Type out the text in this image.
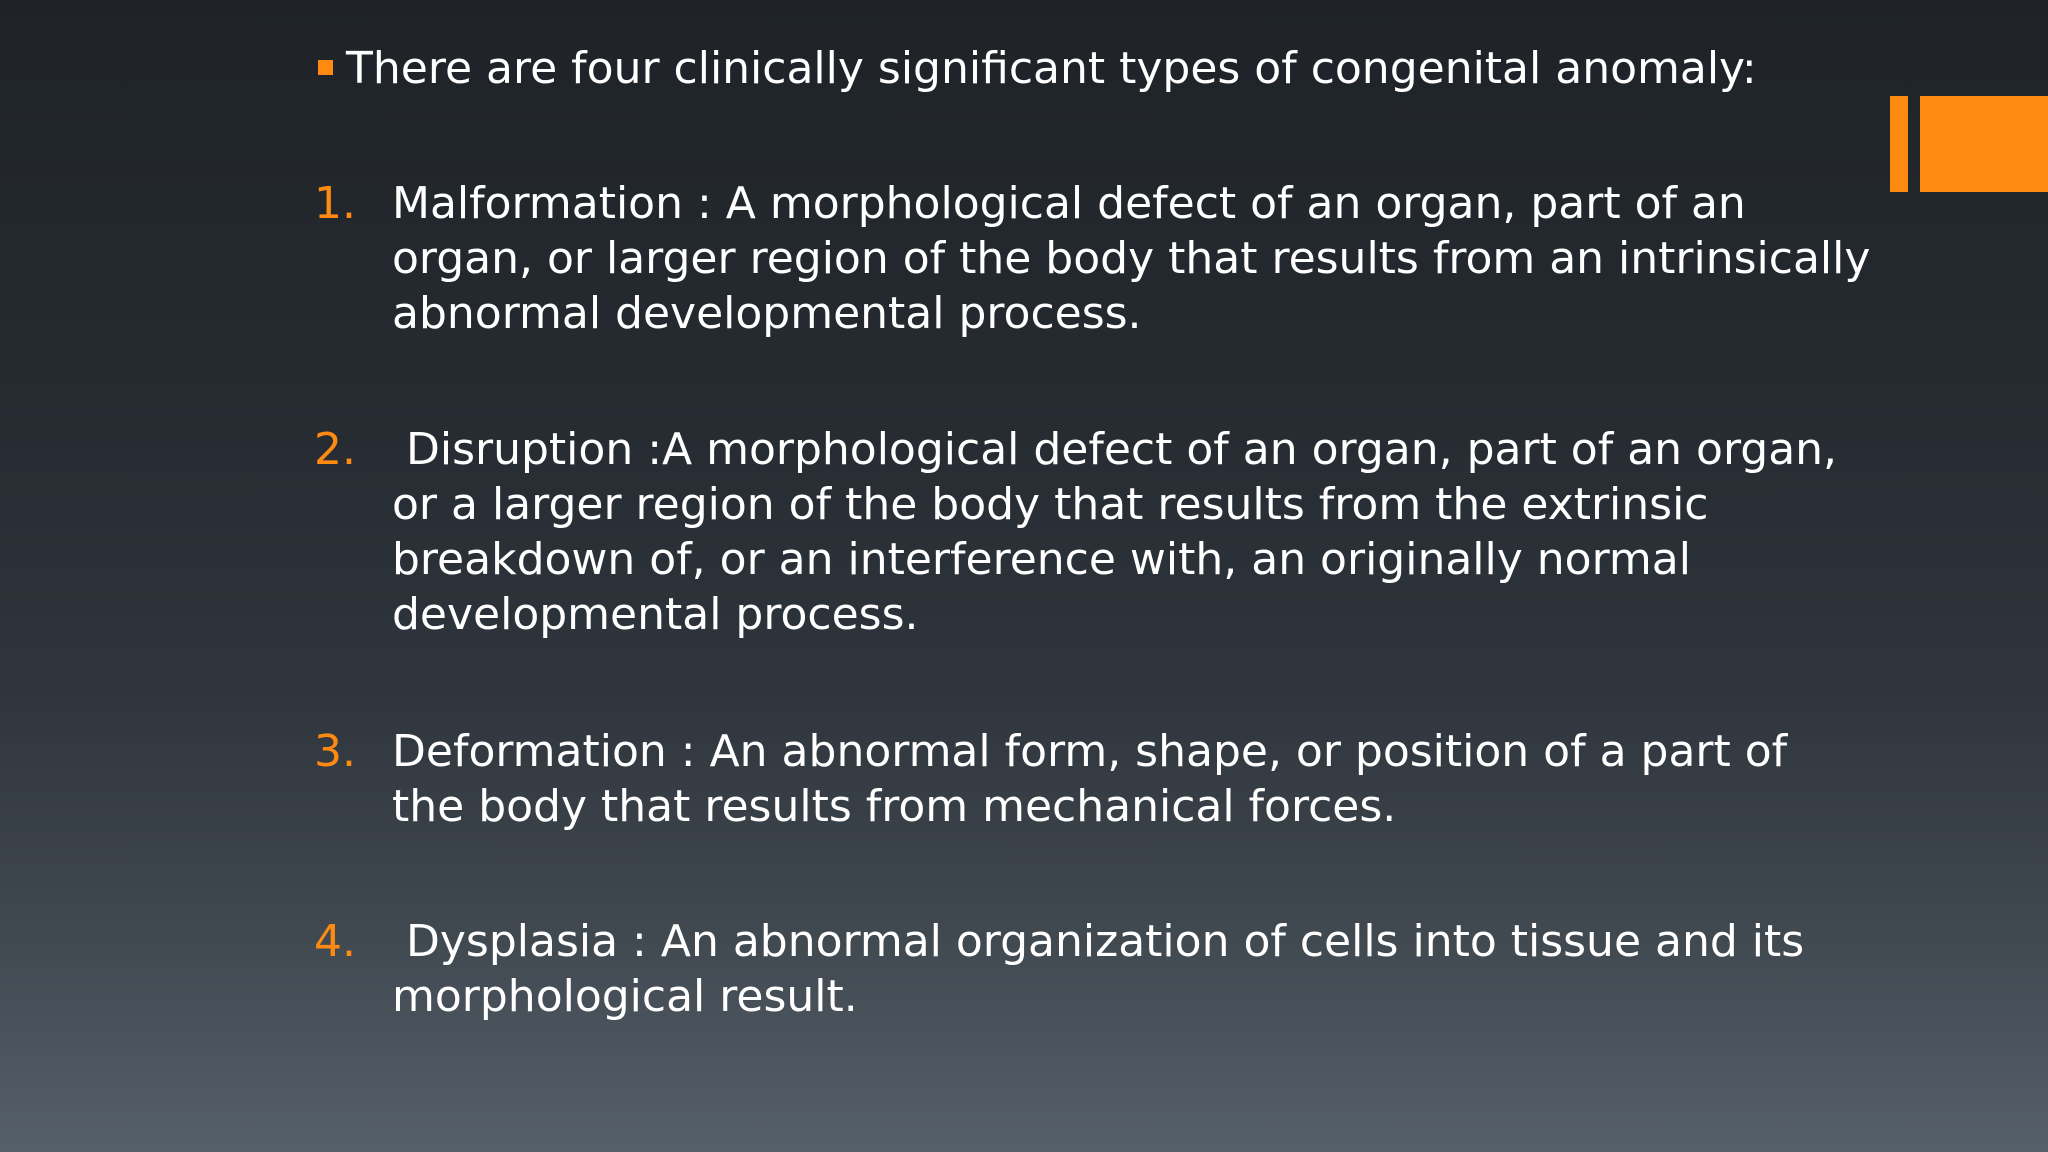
There are four clinically significant types of congenital anomaly:
1. Malformation : A morphological defect of an organ, part of an
organ, or larger region of the body that results from an intrinsically
abnormal developmental process.
2. Disruption :A morphological defect of an organ, part of an organ,
or a larger region of the body that results from the extrinsic
breakdown of, or an interference with, an originally normal
developmental process.
3. Deformation : An abnormal form, shape, or position of a part of
the body that results from mechanical forces.
4. Dysplasia : An abnormal organization of cells into tissue and its
morphological result.
